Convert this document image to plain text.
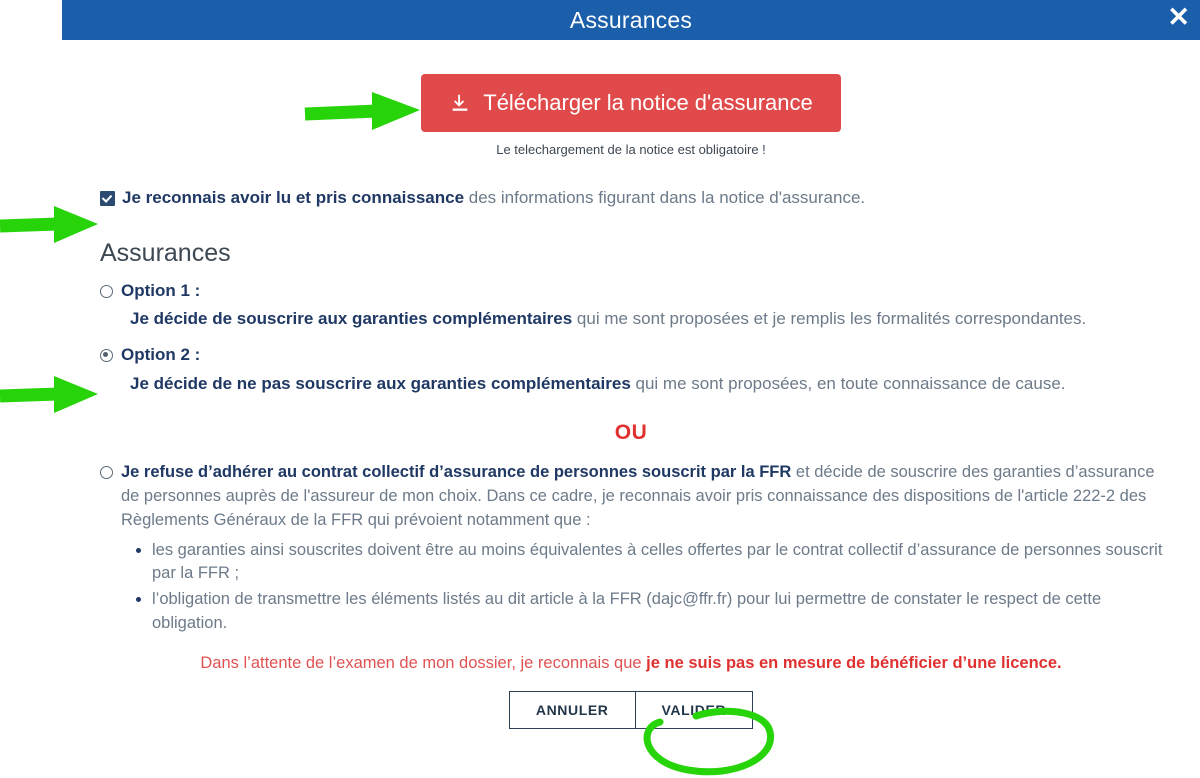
Assurances	✕
Télécharger la notice d'assurance
Le telechargement de la notice est obligatoire !
Je reconnais avoir lu et pris connaissance des informations figurant dans la notice d'assurance.
Assurances
Option 1 :
Je décide de souscrire aux garanties complémentaires qui me sont proposées et je remplis les formalités correspondantes.
Option 2 :
Je décide de ne pas souscrire aux garanties complémentaires qui me sont proposées, en toute connaissance de cause.
OU
Je refuse d’adhérer au contrat collectif d’assurance de personnes souscrit par la FFR et décide de souscrire des garanties d’assurance de personnes auprès de l'assureur de mon choix. Dans ce cadre, je reconnais avoir pris connaissance des dispositions de l'article 222-2 des Règlements Généraux de la FFR qui prévoient notamment que :
• les garanties ainsi souscrites doivent être au moins équivalentes à celles offertes par le contrat collectif d’assurance de personnes souscrit par la FFR ;
• l’obligation de transmettre les éléments listés au dit article à la FFR (dajc@ffr.fr) pour lui permettre de constater le respect de cette obligation.
Dans l’attente de l’examen de mon dossier, je reconnais que je ne suis pas en mesure de bénéficier d’une licence.
ANNULER	VALIDER
